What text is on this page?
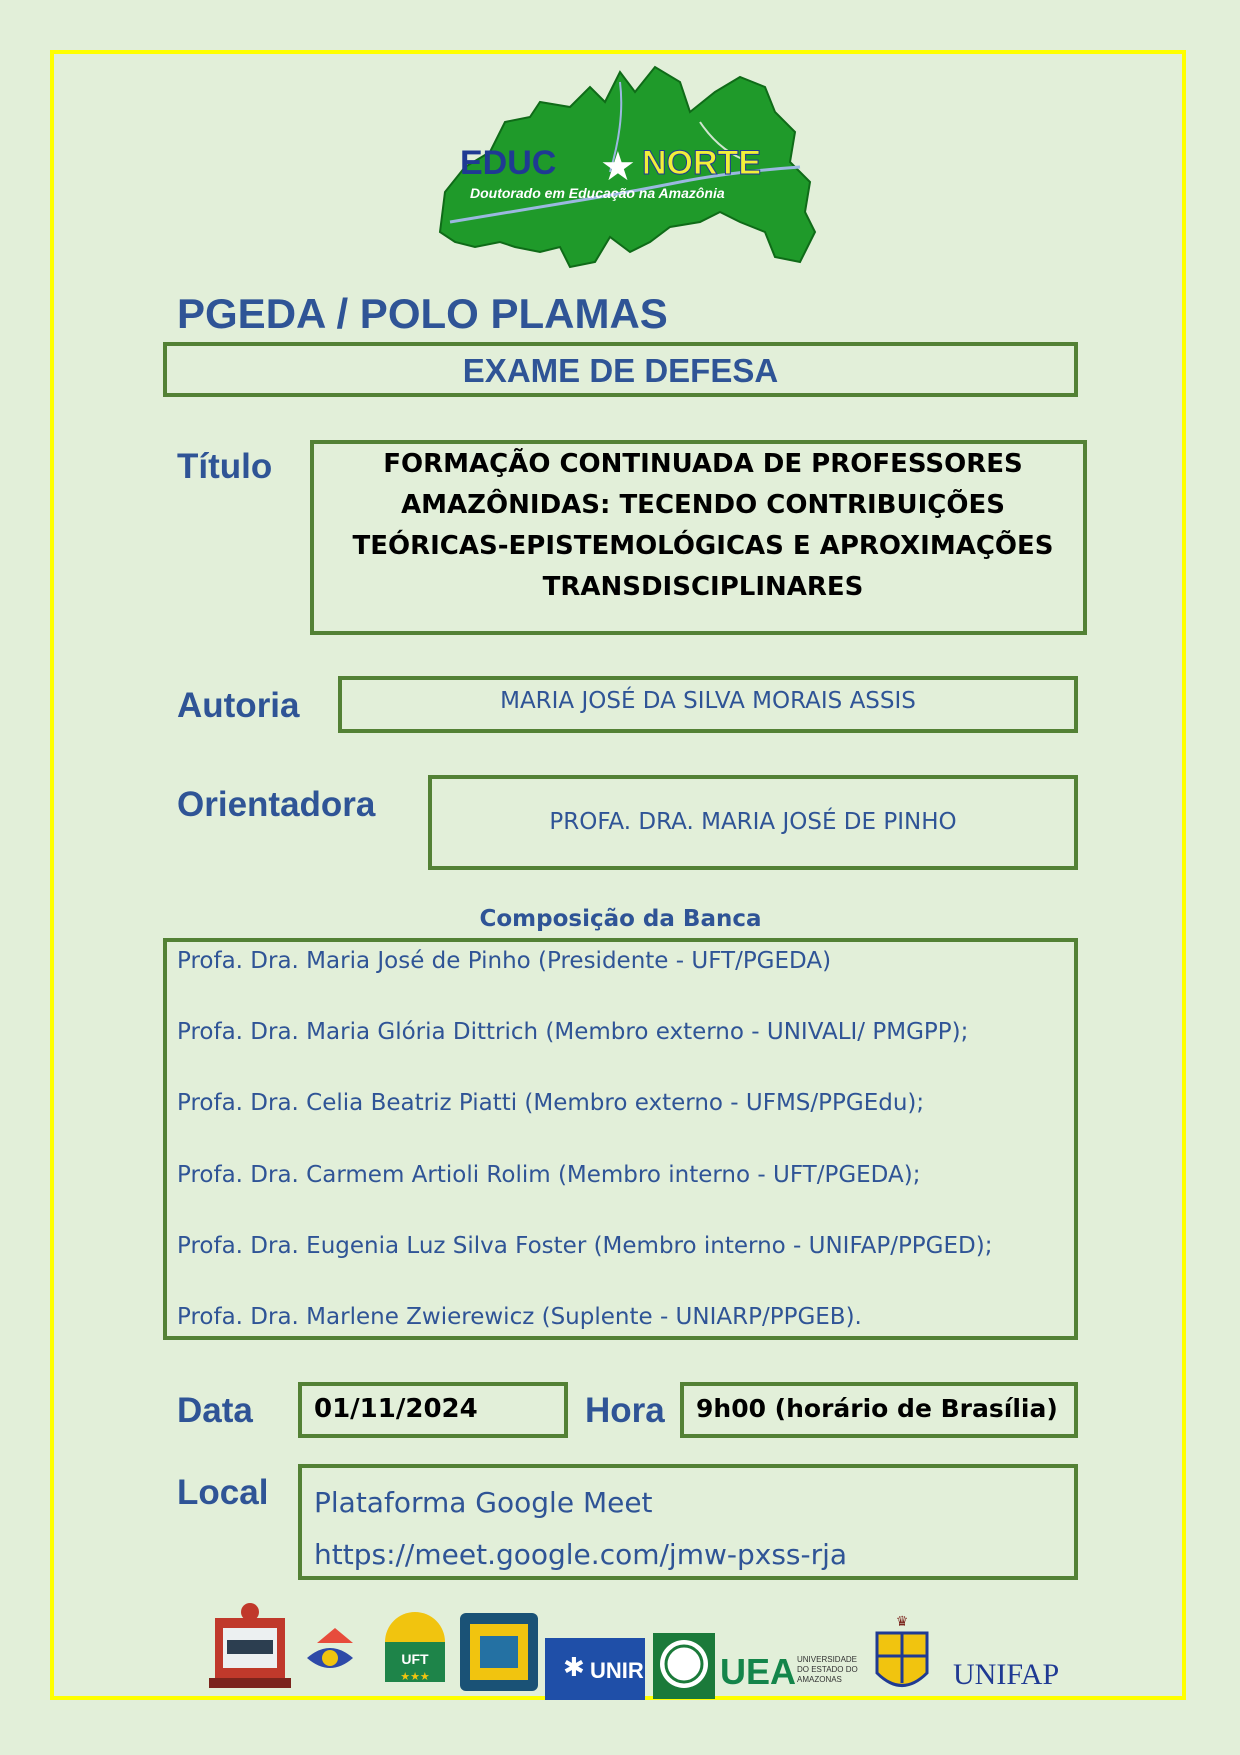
EDUC ★ NORTE
Doutorado em Educação na Amazônia
PGEDA / POLO PLAMAS
EXAME DE DEFESA
Título	FORMAÇÃO CONTINUADA DE PROFESSORES
AMAZÔNIDAS: TECENDO CONTRIBUIÇÕES
TEÓRICAS-EPISTEMOLÓGICAS E APROXIMAÇÕES
TRANSDISCIPLINARES
Autoria	MARIA JOSÉ DA SILVA MORAIS ASSIS
Orientadora	PROFA. DRA. MARIA JOSÉ DE PINHO
Composição da Banca
Profa. Dra. Maria José de Pinho (Presidente - UFT/PGEDA)
Profa. Dra. Maria Glória Dittrich (Membro externo - UNIVALI/ PMGPP);
Profa. Dra. Celia Beatriz Piatti (Membro externo - UFMS/PPGEdu);
Profa. Dra. Carmem Artioli Rolim (Membro interno - UFT/PGEDA);
Profa. Dra. Eugenia Luz Silva Foster (Membro interno - UNIFAP/PPGED);
Profa. Dra. Marlene Zwierewicz (Suplente - UNIARP/PPGEB).
Data 01/11/2024	Hora 9h00 (horário de Brasília)
Local Plataforma Google Meet
https://meet.google.com/jmw-pxss-rja
UFT
★★★	✱ UNIR UEA UNIVERSIDADE
DO ESTADO DO
AMAZONAS
♛
UNIFAP
